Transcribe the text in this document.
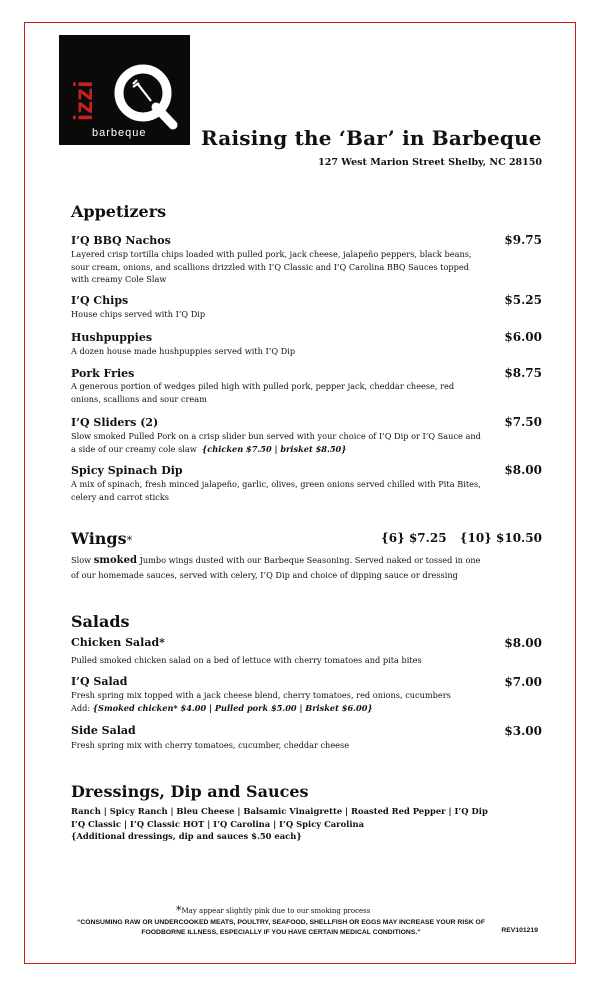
izzi
barbeque	Raising the ‘Bar’ in Barbeque
127 West Marion Street Shelby, NC 28150
Appetizers
I’Q BBQ Nachos	$9.75
Layered crisp tortilla chips loaded with pulled pork, jack cheese, jalapeño peppers, black beans, sour cream, onions, and scallions drizzled with I’Q Classic and I’Q Carolina BBQ Sauces topped with creamy Cole Slaw
I’Q Chips	$5.25
House chips served with I’Q Dip
Hushpuppies	$6.00
A dozen house made hushpuppies served with I’Q Dip
Pork Fries	$8.75
A generous portion of wedges piled high with pulled pork, pepper jack, cheddar cheese, red onions, scallions and sour cream
I’Q Sliders (2)	$7.50
Slow smoked Pulled Pork on a crisp slider bun served with your choice of I’Q Dip or I’Q Sauce and a side of our creamy cole slaw {chicken $7.50 | brisket $8.50}
Spicy Spinach Dip	$8.00
A mix of spinach, fresh minced jalapeño, garlic, olives, green onions served chilled with Pita Bites, celery and carrot sticks
Wings*	{6} $7.25 {10} $10.50
Slow smoked Jumbo wings dusted with our Barbeque Seasoning. Served naked or tossed in one of our homemade sauces, served with celery, I’Q Dip and choice of dipping sauce or dressing
Salads
Chicken Salad*	$8.00
Pulled smoked chicken salad on a bed of lettuce with cherry tomatoes and pita bites
I’Q Salad	$7.00
Fresh spring mix topped with a jack cheese blend, cherry tomatoes, red onions, cucumbers
Add: {Smoked chicken* $4.00 | Pulled pork $5.00 | Brisket $6.00}
Side Salad	$3.00
Fresh spring mix with cherry tomatoes, cucumber, cheddar cheese
Dressings, Dip and Sauces
Ranch | Spicy Ranch | Bleu Cheese | Balsamic Vinaigrette | Roasted Red Pepper | I’Q Dip
I’Q Classic | I’Q Classic HOT | I’Q Carolina | I’Q Spicy Carolina
{Additional dressings, dip and sauces $.50 each}
*May appear slightly pink due to our smoking process
“CONSUMING RAW OR UNDERCOOKED MEATS, POULTRY, SEAFOOD, SHELLFISH OR EGGS MAY INCREASE YOUR RISK OF FOODBORNE ILLNESS, ESPECIALLY IF YOU HAVE CERTAIN MEDICAL CONDITIONS.”	REV101219
